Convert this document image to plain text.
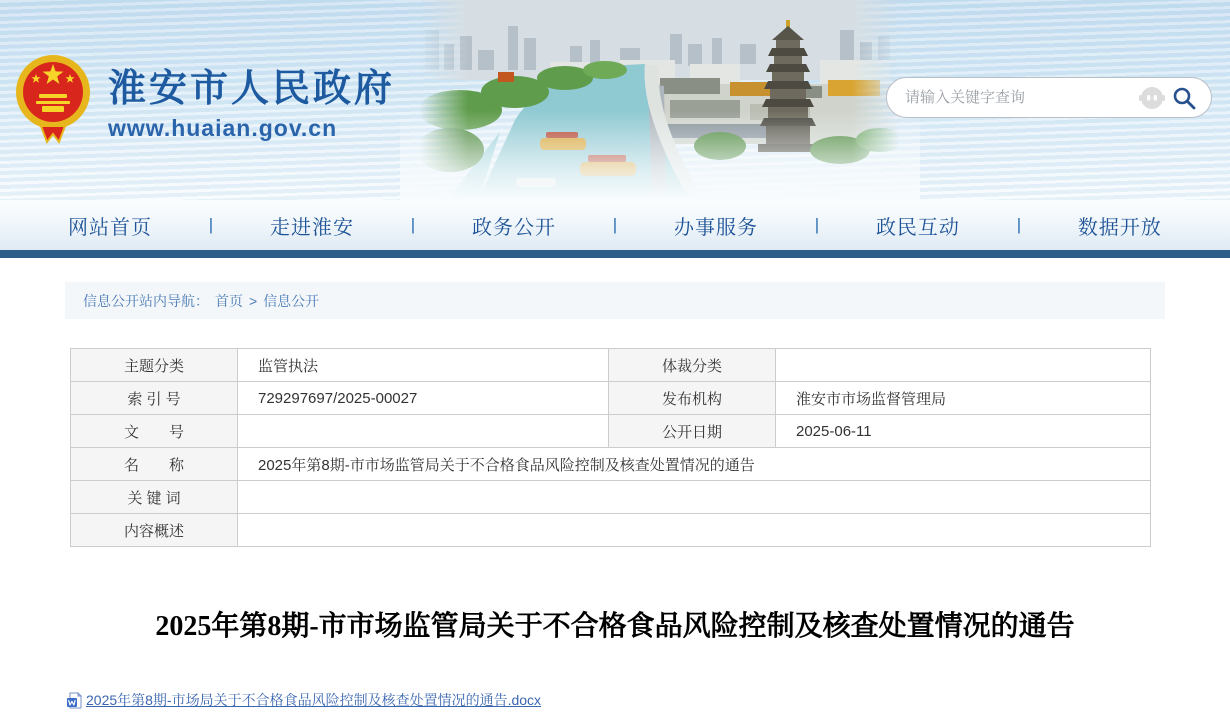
淮安市人民政府
www.huaian.gov.cn
请输入关键字查询
网站首页	|	走进淮安	|	政务公开	|	办事服务	|	政民互动	|	数据开放
信息公开站内导航： 首页 > 信息公开
主题分类	监管执法	体裁分类	
索 引 号	729297697/2025-00027	发布机构	淮安市市场监督管理局
文　　号		公开日期	2025-06-11
名　　称	2025年第8期-市市场监管局关于不合格食品风险控制及核查处置情况的通告		
关 键 词			
内容概述			
2025年第8期-市市场监管局关于不合格食品风险控制及核查处置情况的通告
2025年第8期-市场局关于不合格食品风险控制及核查处置情况的通告.docx
